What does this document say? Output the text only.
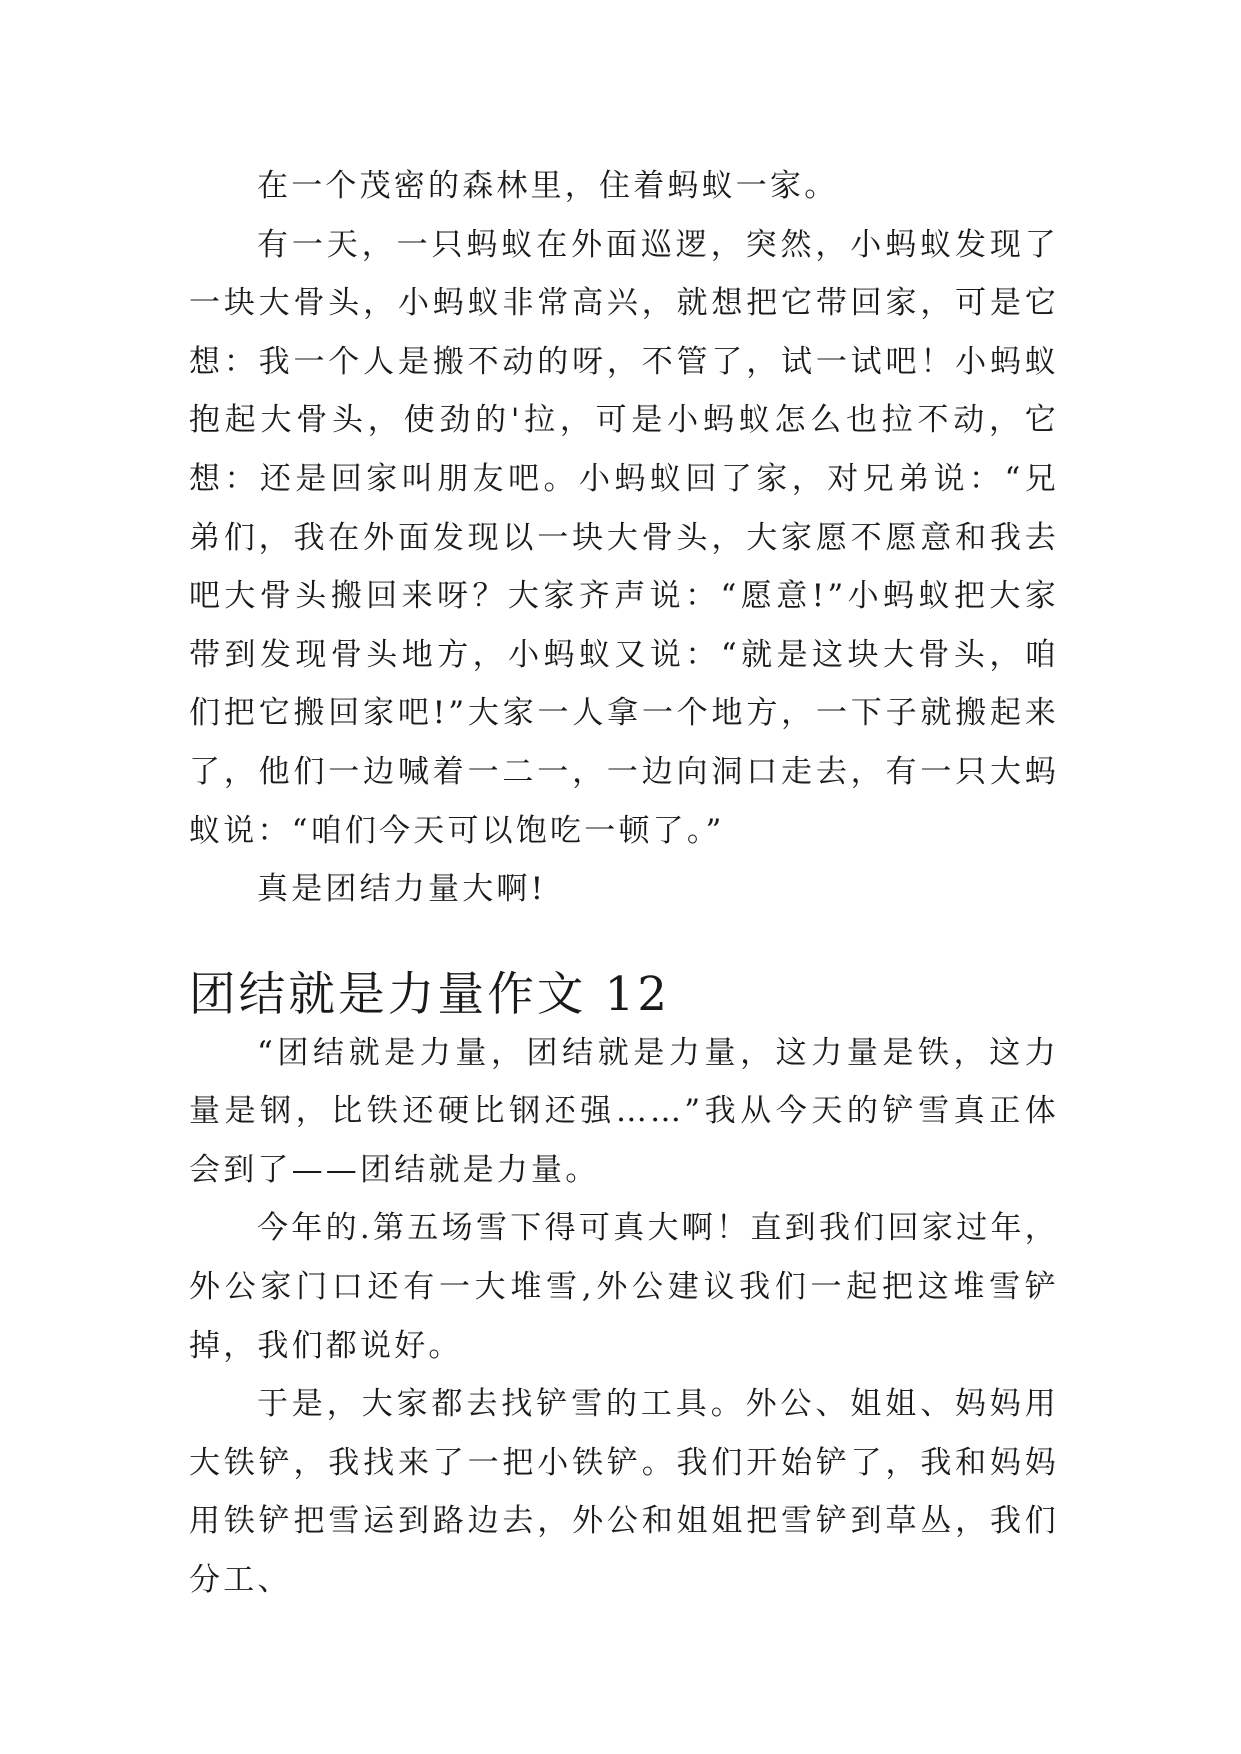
在一个茂密的森林里，住着蚂蚁一家。

有一天，一只蚂蚁在外面巡逻，突然，小蚂蚁发现了一块大骨头，小蚂蚁非常高兴，就想把它带回家，可是它想：我一个人是搬不动的呀，不管了，试一试吧！小蚂蚁抱起大骨头，使劲的'拉，可是小蚂蚁怎么也拉不动，它想：还是回家叫朋友吧。小蚂蚁回了家，对兄弟说：“兄弟们，我在外面发现以一块大骨头，大家愿不愿意和我去吧大骨头搬回来呀？大家齐声说：“愿意!”小蚂蚁把大家带到发现骨头地方，小蚂蚁又说：“就是这块大骨头，咱们把它搬回家吧!”大家一人拿一个地方，一下子就搬起来了，他们一边喊着一二一，一边向洞口走去，有一只大蚂蚁说：“咱们今天可以饱吃一顿了。”

真是团结力量大啊!

团结就是力量作文 12

“团结就是力量，团结就是力量，这力量是铁，这力量是钢，比铁还硬比钢还强……”我从今天的铲雪真正体会到了——团结就是力量。

今年的.第五场雪下得可真大啊！直到我们回家过年，外公家门口还有一大堆雪,外公建议我们一起把这堆雪铲掉，我们都说好。

于是，大家都去找铲雪的工具。外公、姐姐、妈妈用大铁铲，我找来了一把小铁铲。我们开始铲了，我和妈妈用铁铲把雪运到路边去，外公和姐姐把雪铲到草丛，我们分工、
